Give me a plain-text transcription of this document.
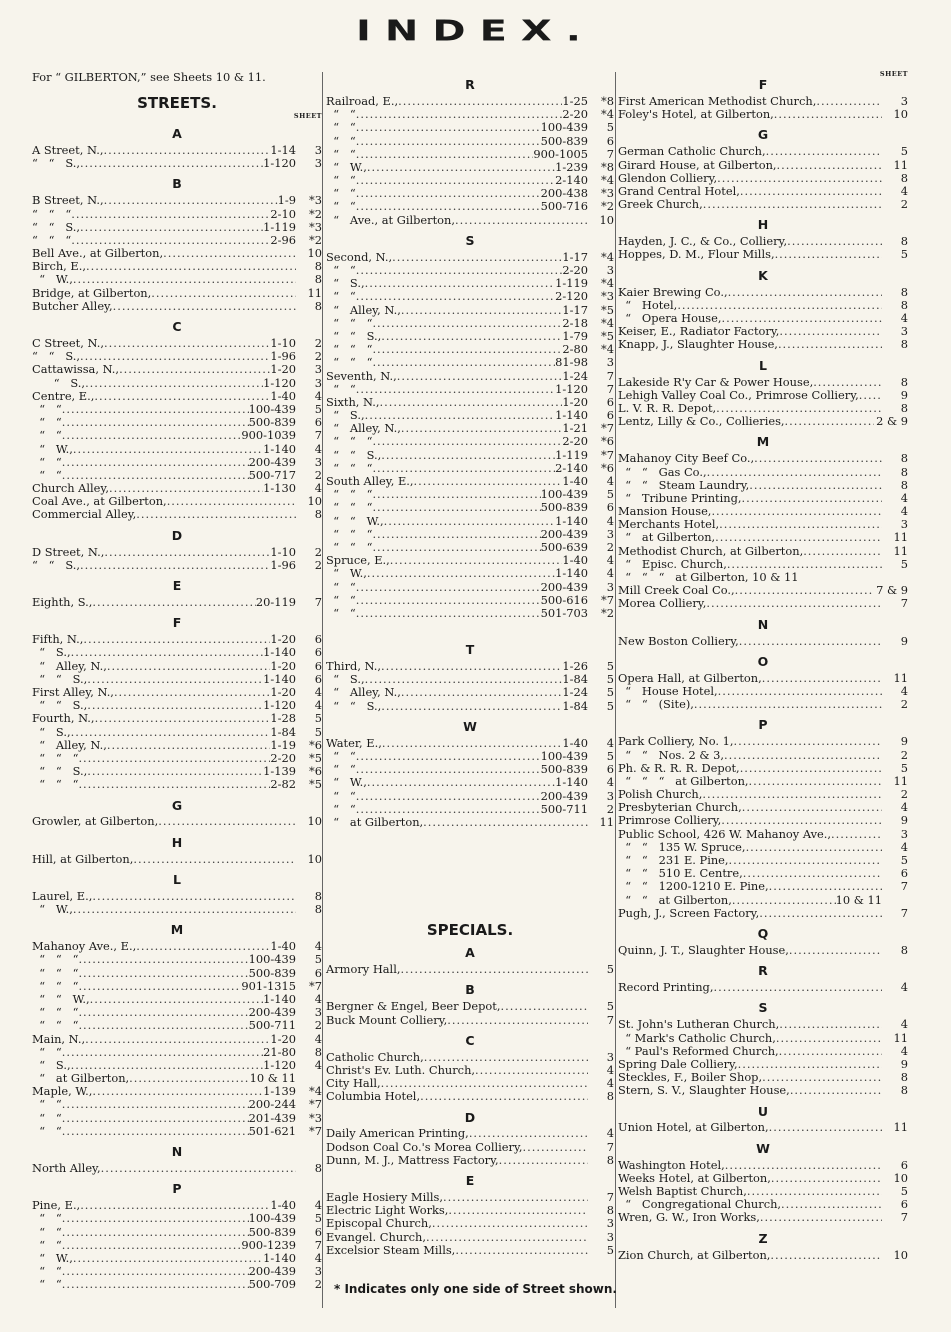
INDEX.
For “ GILBERTON,” see Sheets 10 & 11.
STREETS.
SHEET
A
A Street, N., .....	1-14	3
“   “   S., .....	1-120	3
B
B Street, N., .....	1-9	*3
“   “   “ .....	2-10	*2
“   “   S., .....	1-119	*3
“   “   “ .....	2-96	*2
Bell Ave., at Gilberton, .....	10
Birch, E., .....	8
“   W., .....	8
Bridge, at Gilberton, .....	11
Butcher Alley, .....	8
C
C Street, N., .....	1-10	2
“   “   S., .....	1-96	2
Cattawissa, N., .....	1-20	3
“   S., .....	1-120	3
Centre, E., .....	1-40	4
“   “ .....	100-439	5
“   “ .....	500-839	6
“   “ .....	900-1039	7
“   W., .....	1-140	4
“   “ .....	200-439	3
“   “ .....	500-717	2
Church Alley, .....	1-130	4
Coal Ave., at Gilberton, .....	10
Commercial Alley, .....	8
D
D Street, N., .....	1-10	2
“   “   S., .....	1-96	2
E
Eighth, S., .....	20-119	7
F
Fifth, N., .....	1-20	6
“   S., .....	1-140	6
“   Alley, N., .....	1-20	6
“   “   S., .....	1-140	6
First Alley, N., .....	1-20	4
“   “   S., .....	1-120	4
Fourth, N., .....	1-28	5
“   S., .....	1-84	5
“   Alley, N., .....	1-19	*6
“   “   “ .....	2-20	*5
“   “   S., .....	1-139	*6
“   “   “ .....	2-82	*5
G
Growler, at Gilberton, .....	10
H
Hill, at Gilberton, .....	10
L
Laurel, E., .....	8
“   W., .....	8
M
Mahanoy Ave., E., .....	1-40	4
“   “   “ .....	100-439	5
“   “   “ .....	500-839	6
“   “   “ .....	901-1315	*7
“   “   W., .....	1-140	4
“   “   “ .....	200-439	3
“   “   “ .....	500-711	2
Main, N., .....	1-20	4
“   “ .....	21-80	8
“   S., .....	1-120	4
“   at Gilberton, .....	10 & 11
Maple, W., .....	1-139	*4
“   “ .....	200-244	*7
“   “ .....	201-439	*3
“   “ .....	501-621	*7
N
North Alley, .....	8
P
Pine, E., .....	1-40	4
“   “ .....	100-439	5
“   “ .....	500-839	6
“   “ .....	900-1239	7
“   W., .....	1-140	4
“   “ .....	200-439	3
“   “ .....	500-709	2
R
Railroad, E., .....	1-25	*8
“   “ .....	2-20	*4
“   “ .....	100-439	5
“   “ .....	500-839	6
“   “ .....	900-1005	7
“   W., .....	1-239	*8
“   “ .....	2-140	*4
“   “ .....	200-438	*3
“   “ .....	500-716	*2
“   Ave., at Gilberton, .....	10
S
Second, N., .....	1-17	*4
“   “ .....	2-20	3
“   S., .....	1-119	*4
“   “ .....	2-120	*3
“   Alley, N., .....	1-17	*5
“   “   “ .....	2-18	*4
“   “   S., .....	1-79	*5
“   “   “ .....	2-80	*4
“   “   “ .....	81-98	3
Seventh, N., .....	1-24	7
“   “ .....	1-120	7
Sixth, N., .....	1-20	6
“   S., .....	1-140	6
“   Alley, N., .....	1-21	*7
“   “   “ .....	2-20	*6
“   “   S., .....	1-119	*7
“   “   “ .....	2-140	*6
South Alley, E., .....	1-40	4
“   “   “ .....	100-439	5
“   “   “ .....	500-839	6
“   “   W., .....	1-140	4
“   “   “ .....	200-439	3
“   “   “ .....	500-639	2
Spruce, E., .....	1-40	4
“   W., .....	1-140	4
“   “ .....	200-439	3
“   “ .....	500-616	*7
“   “ .....	501-703	*2
T
Third, N., .....	1-26	5
“   S., .....	1-84	5
“   Alley, N., .....	1-24	5
“   “   S., .....	1-84	5
W
Water, E., .....	1-40	4
“   “ .....	100-439	5
“   “ .....	500-839	6
“   W., .....	1-140	4
“   “ .....	200-439	3
“   “ .....	500-711	2
“   at Gilberton, .....	11
SPECIALS.
A
Armory Hall, .....	5
B
Bergner & Engel, Beer Depot, .....	5
Buck Mount Colliery, .....	7
C
Catholic Church, .....	3
Christ's Ev. Luth. Church, .....	4
City Hall, .....	4
Columbia Hotel, .....	8
D
Daily American Printing, .....	4
Dodson Coal Co.'s Morea Colliery, .....	7
Dunn, M. J., Mattress Factory, .....	8
E
Eagle Hosiery Mills, .....	7
Electric Light Works, .....	8
Episcopal Church, .....	3
Evangel. Church, .....	3
Excelsior Steam Mills, .....	5
SHEET
F
First American Methodist Church, .....	3
Foley's Hotel, at Gilberton, .....	10
G
German Catholic Church, .....	5
Girard House, at Gilberton, .....	11
Glendon Colliery, .....	8
Grand Central Hotel, .....	4
Greek Church, .....	2
H
Hayden, J. C., & Co., Colliery, .....	8
Hoppes, D. M., Flour Mills, .....	5
K
Kaier Brewing Co., .....	8
“   Hotel, .....	8
“   Opera House, .....	4
Keiser, E., Radiator Factory, .....	3
Knapp, J., Slaughter House, .....	8
L
Lakeside R'y Car & Power House, .....	8
Lehigh Valley Coal Co., Primrose Colliery, .....	9
L. V. R. R. Depot, .....	8
Lentz, Lilly & Co., Collieries, .....	2 & 9
M
Mahanoy City Beef Co., .....	8
“   “   Gas Co., .....	8
“   “   Steam Laundry, .....	8
“   Tribune Printing, .....	4
Mansion House, .....	4
Merchants Hotel, .....	3
“   at Gilberton, .....	11
Methodist Church, at Gilberton, .....	11
“   Episc. Church, .....	5
“   “   “   at Gilberton, 10 & 11
Mill Creek Coal Co., .....	7 & 9
Morea Colliery, .....	7
N
New Boston Colliery, .....	9
O
Opera Hall, at Gilberton, .....	11
“   House Hotel, .....	4
“   “   (Site), .....	2
P
Park Colliery, No. 1, .....	9
“   “   Nos. 2 & 3, .....	2
Ph. & R. R. R. Depot, .....	5
“   “   “   at Gilberton, .....	11
Polish Church, .....	2
Presbyterian Church, .....	4
Primrose Colliery, .....	9
Public School, 426 W. Mahanoy Ave., .....	3
“   “   135 W. Spruce, .....	4
“   “   231 E. Pine, .....	5
“   “   510 E. Centre, .....	6
“   “   1200-1210 E. Pine, .....	7
“   “   at Gilberton, .....	10 & 11
Pugh, J., Screen Factory, .....	7
Q
Quinn, J. T., Slaughter House, .....	8
R
Record Printing, .....	4
S
St. John's Lutheran Church, .....	4
“ Mark's Catholic Church, .....	11
“ Paul's Reformed Church, .....	4
Spring Dale Colliery, .....	9
Steckles, F., Boiler Shop, .....	8
Stern, S. V., Slaughter House, .....	8
U
Union Hotel, at Gilberton, .....	11
W
Washington Hotel, .....	6
Weeks Hotel, at Gilberton, .....	10
Welsh Baptist Church, .....	5
“   Congregational Church, .....	6
Wren, G. W., Iron Works, .....	7
Z
Zion Church, at Gilberton, .....	10
* Indicates only one side of Street shown.
